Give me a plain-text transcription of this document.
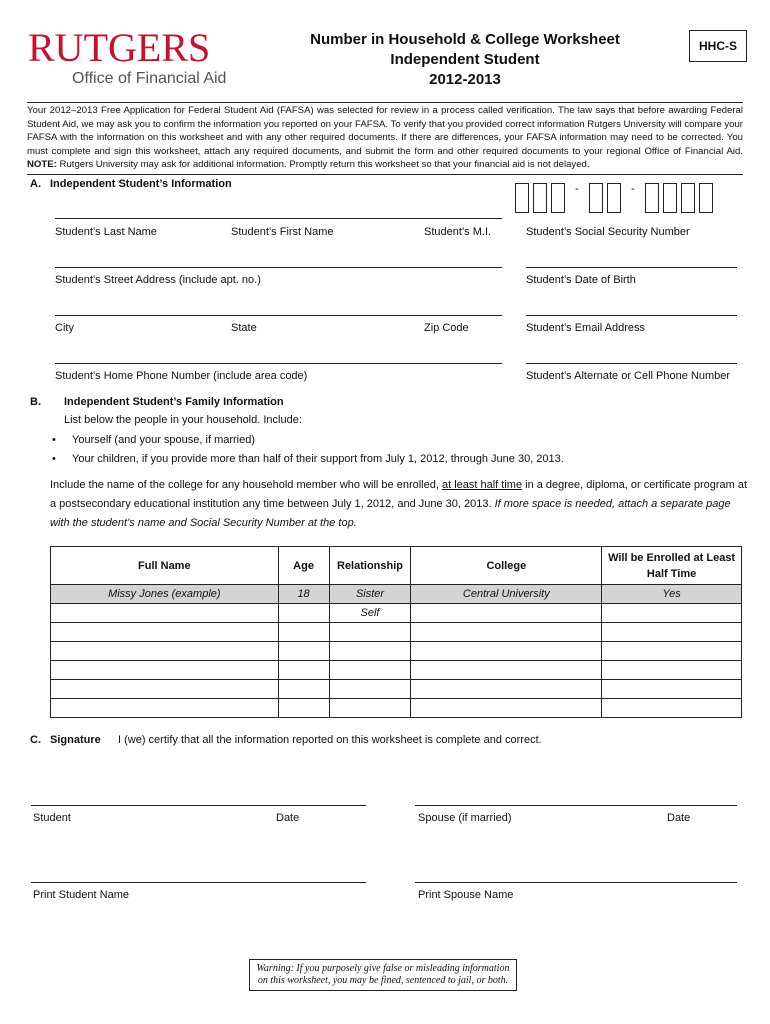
RUTGERS
Office of Financial Aid
Number in Household & College Worksheet
Independent Student
2012-2013
HHC-S
Your 2012–2013 Free Application for Federal Student Aid (FAFSA) was selected for review in a process called verification. The law says that before awarding Federal Student Aid, we may ask you to confirm the information you reported on your FAFSA. To verify that you provided correct information Rutgers University will compare your FAFSA with the information on this worksheet and with any other required documents. If there are differences, your FAFSA information may need to be corrected. You must complete and sign this worksheet, attach any required documents, and submit the form and other required documents to your regional Office of Financial Aid. NOTE: Rutgers University may ask for additional information. Promptly return this worksheet so that your financial aid is not delayed.
A. Independent Student’s Information
Student’s Last Name	Student’s First Name	Student’s M.I.
-	-
Student’s Social Security Number
Student’s Street Address (include apt. no.)	Student’s Date of Birth
City	State	Zip Code	Student’s Email Address
Student’s Home Phone Number (include area code)	Student’s Alternate or Cell Phone Number
B. Independent Student’s Family Information
List below the people in your household. Include:
• Yourself (and your spouse, if married)
• Your children, if you provide more than half of their support from July 1, 2012, through June 30, 2013.
Include the name of the college for any household member who will be enrolled, at least half time in a degree, diploma, or certificate program at a postsecondary educational institution any time between July 1, 2012, and June 30, 2013. If more space is needed, attach a separate page with the student’s name and Social Security Number at the top.
Full Name	Age	Relationship	College	Will be Enrolled at Least Half Time
Missy Jones (example)	18	Sister	Central University	Yes
		Self		

C. Signature I (we) certify that all the information reported on this worksheet is complete and correct.
Student	Date	Spouse (if married)	Date
Print Student Name	Print Spouse Name
Warning: If you purposely give false or misleading information
on this worksheet, you may be fined, sentenced to jail, or both.
